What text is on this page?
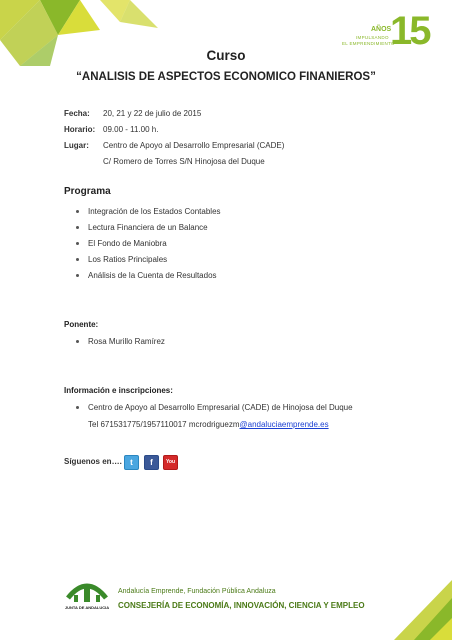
AÑOS
IMPULSANDO
EL EMPRENDIMIENTO
15
Curso
“ANALISIS DE ASPECTOS ECONOMICO FINANIEROS”
Fecha: 20, 21 y 22 de julio de 2015
Horario: 09.00 - 11.00 h.
Lugar: Centro de Apoyo al Desarrollo Empresarial (CADE)
C/ Romero de Torres S/N Hinojosa del Duque
Programa
Integración de los Estados Contables
Lectura Financiera de un Balance
El Fondo de Maniobra
Los Ratios Principales
Análisis de la Cuenta de Resultados
Ponente:
Rosa Murillo Ramírez
Información e inscripciones:
Centro de Apoyo al Desarrollo Empresarial (CADE) de Hinojosa del Duque
Tel 671531775/1957110017 mcrodriguezm@andaluciaemprende.es
Síguenos en….	t	f	You
JUNTA DE ANDALUCIA
Andalucía Emprende, Fundación Pública Andaluza
CONSEJERÍA DE ECONOMÍA, INNOVACIÓN, CIENCIA Y EMPLEO
